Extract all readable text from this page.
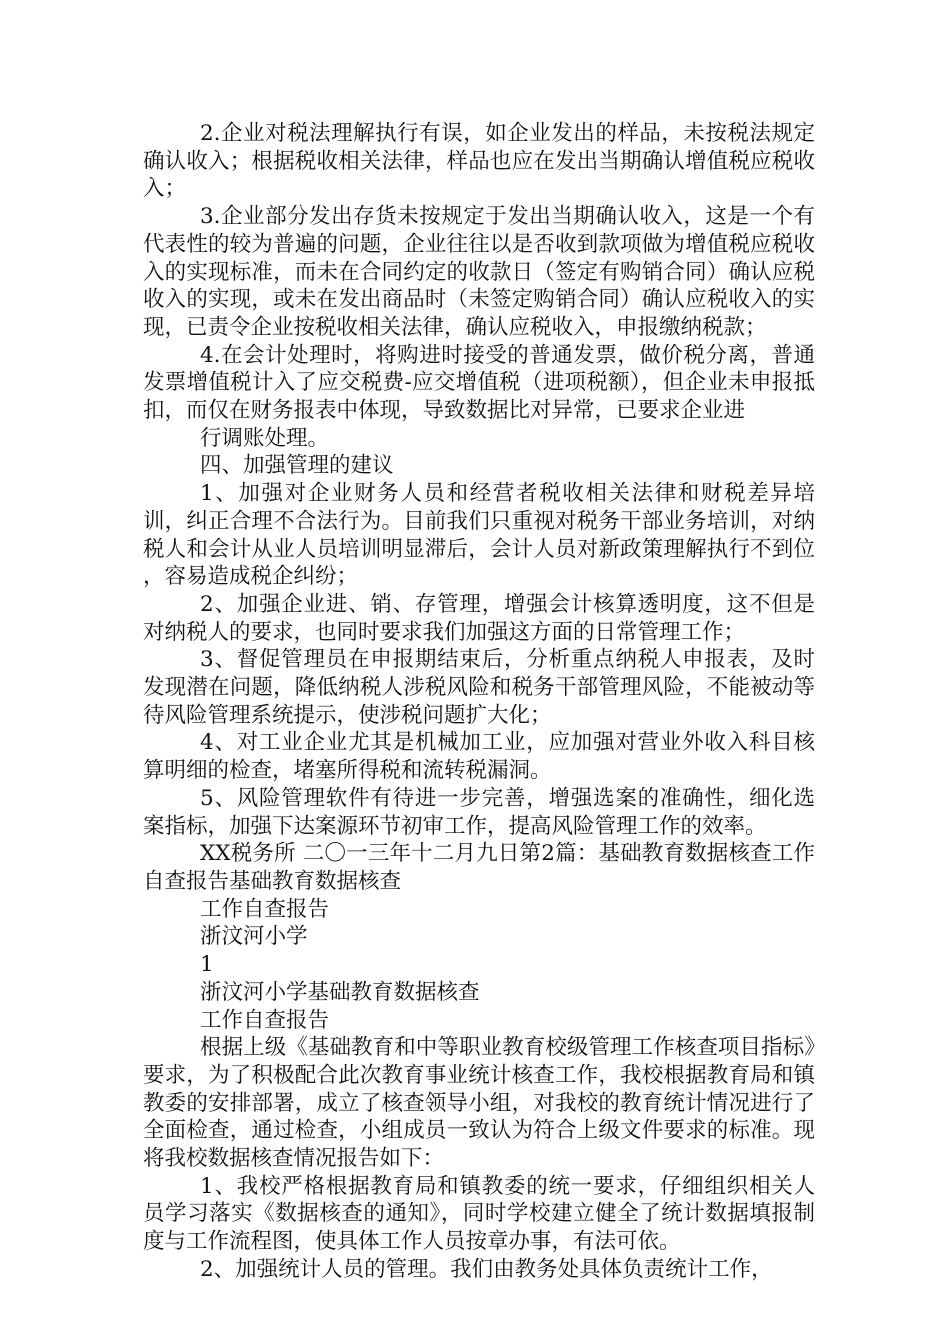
2.企业对税法理解执行有误，如企业发出的样品，未按税法规定确认收入；根据税收相关法律，样品也应在发出当期确认增值税应税收入；

3.企业部分发出存货未按规定于发出当期确认收入，这是一个有代表性的较为普遍的问题，企业往往以是否收到款项做为增值税应税收入的实现标准，而未在合同约定的收款日（签定有购销合同）确认应税收入的实现，或未在发出商品时（未签定购销合同）确认应税收入的实现，已责令企业按税收相关法律，确认应税收入，申报缴纳税款；

4.在会计处理时，将购进时接受的普通发票，做价税分离，普通发票增值税计入了应交税费-应交增值税（进项税额），但企业未申报抵扣，而仅在财务报表中体现，导致数据比对异常，已要求企业进

行调账处理。

四、加强管理的建议

1、加强对企业财务人员和经营者税收相关法律和财税差异培训，纠正合理不合法行为。目前我们只重视对税务干部业务培训，对纳税人和会计从业人员培训明显滞后，会计人员对新政策理解执行不到位 ，容易造成税企纠纷；

2、加强企业进、销、存管理，增强会计核算透明度，这不但是对纳税人的要求，也同时要求我们加强这方面的日常管理工作；

3、督促管理员在申报期结束后，分析重点纳税人申报表，及时发现潜在问题，降低纳税人涉税风险和税务干部管理风险，不能被动等待风险管理系统提示，使涉税问题扩大化；

4、对工业企业尤其是机械加工业，应加强对营业外收入科目核算明细的检查，堵塞所得税和流转税漏洞。

5、风险管理软件有待进一步完善，增强选案的准确性，细化选案指标，加强下达案源环节初审工作，提高风险管理工作的效率。

XX税务所 二〇一三年十二月九日第2篇：基础教育数据核查工作自查报告基础教育数据核查

工作自查报告

浙汶河小学

1

浙汶河小学基础教育数据核查

工作自查报告

根据上级《基础教育和中等职业教育校级管理工作核查项目指标》要求，为了积极配合此次教育事业统计核查工作，我校根据教育局和镇教委的安排部署，成立了核查领导小组，对我校的教育统计情况进行了全面检查，通过检查，小组成员一致认为符合上级文件要求的标准。现将我校数据核查情况报告如下：

1、我校严格根据教育局和镇教委的统一要求，仔细组织相关人员学习落实《数据核查的通知》，同时学校建立健全了统计数据填报制度与工作流程图，使具体工作人员按章办事，有法可依。

2、加强统计人员的管理。我们由教务处具体负责统计工作，
